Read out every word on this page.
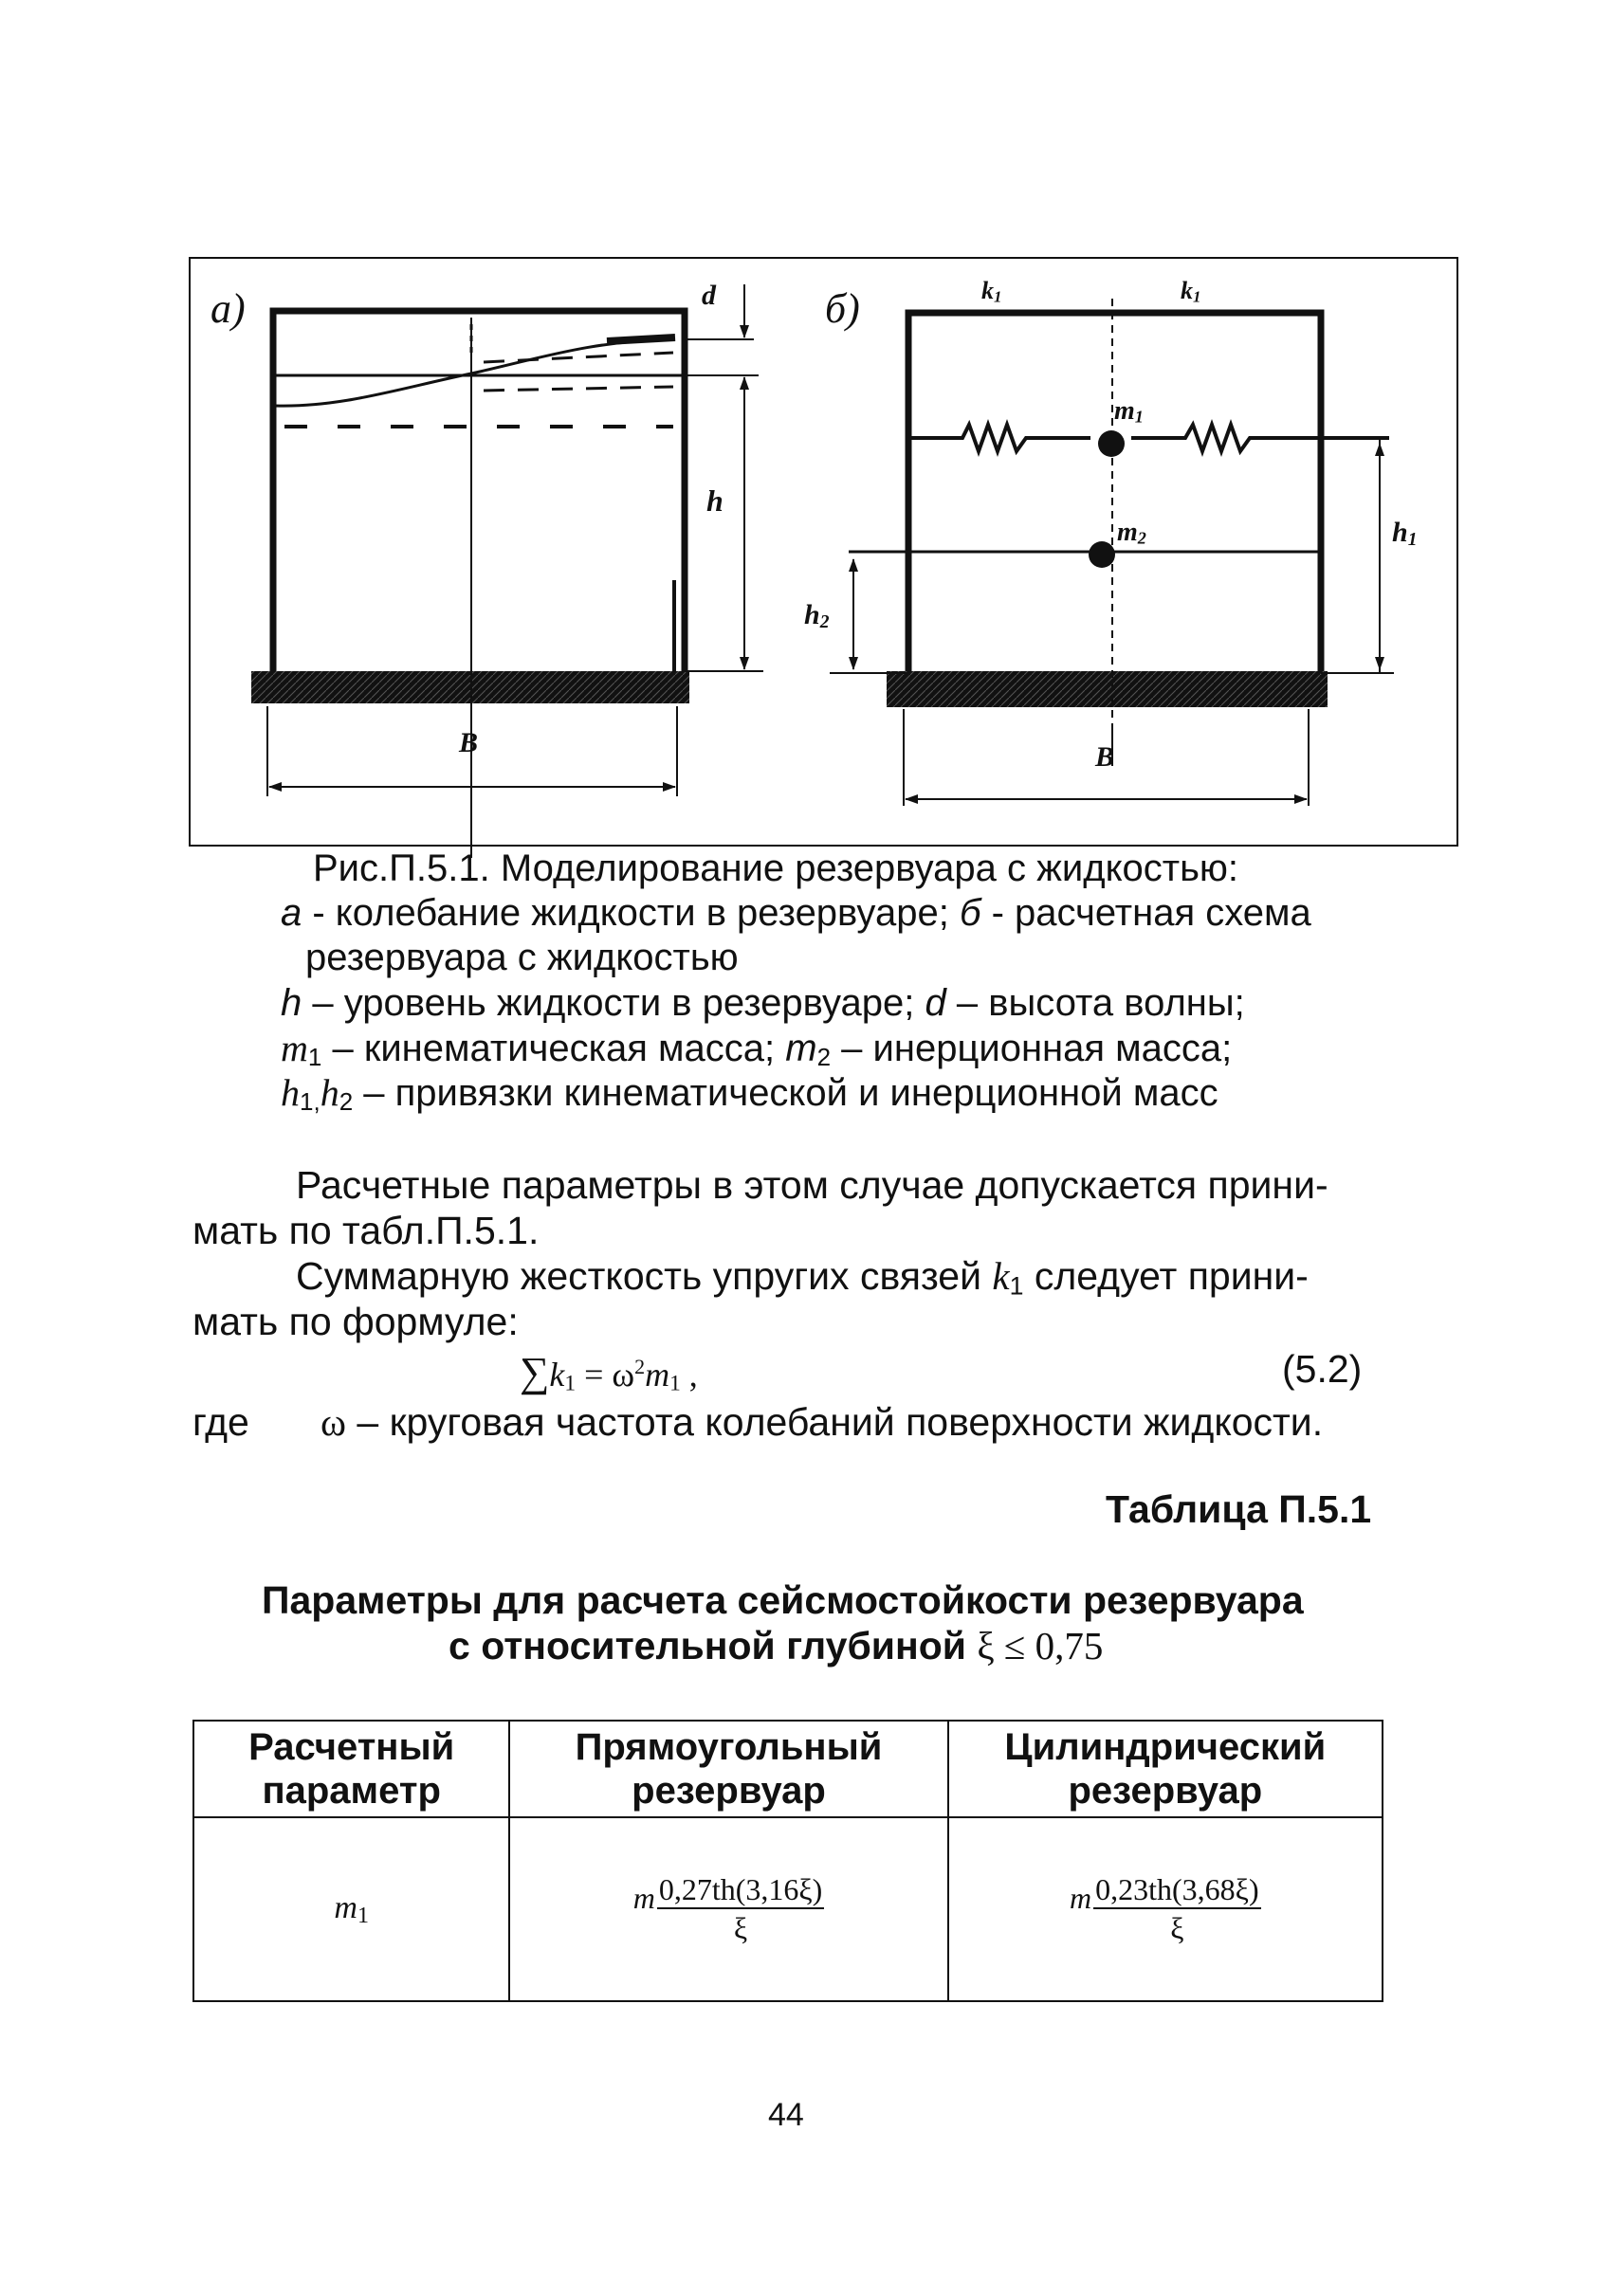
а)	d
h
B
б)	$k_1$	$k_1$
$m_1$
$m_2$	h1
h2
B
Рис.П.5.1. Моделирование резервуара с жидкостью:
а - колебание жидкости в резервуаре; б - расчетная схема
резервуара с жидкостью
h – уровень жидкости в резервуаре; d – высота волны;
$m_1$ – кинематическая масса; $m_2$ – инерционная масса;
$h_{1,}h_2$ – привязки кинематической и инерционной масс
Расчетные параметры в этом случае допускается прини-
мать по табл.П.5.1.
Суммарную жесткость упругих связей $k_1$ следует прини-
мать по формуле:
$\sum k_1 = \omega^2m_1$ ,	(5.2)
где ω – круговая частота колебаний поверхности жидкости.
Таблица П.5.1
Параметры для расчета сейсмостойкости резервуара
с относительной глубиной ξ ≤ 0,75
Расчетный параметр	Прямоугольный резервуар	Цилиндрический резервуар
m1	m $\frac{0,27th(3,16\xi)}{\xi}$	m $\frac{0,23th(3,68\xi)}{\xi}$
44
